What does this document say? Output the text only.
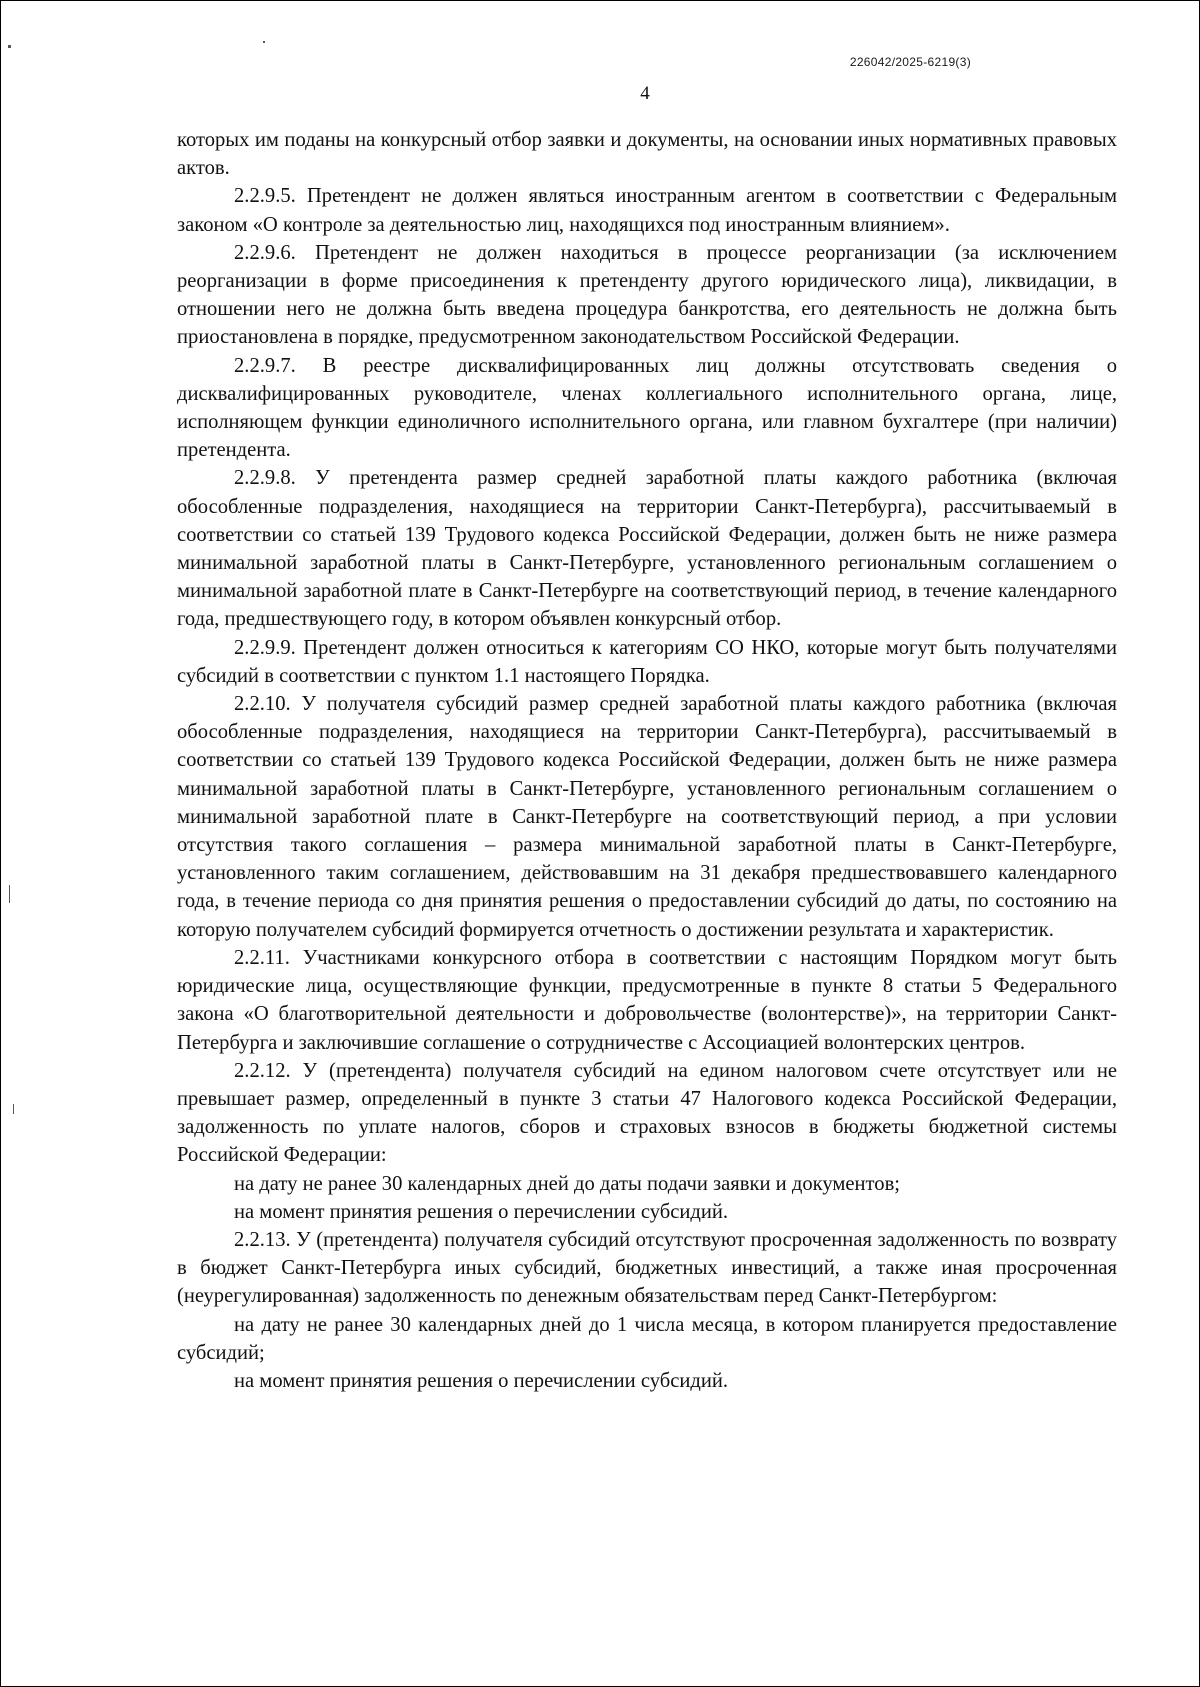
226042/2025-6219(3)
4

которых им поданы на конкурсный отбор заявки и документы, на основании иных нормативных правовых актов.

2.2.9.5. Претендент не должен являться иностранным агентом в соответствии с Федеральным законом «О контроле за деятельностью лиц, находящихся под иностранным влиянием».

2.2.9.6. Претендент не должен находиться в процессе реорганизации (за исключением реорганизации в форме присоединения к претенденту другого юридического лица), ликвидации, в отношении него не должна быть введена процедура банкротства, его деятельность не должна быть приостановлена в порядке, предусмотренном законодательством Российской Федерации.

2.2.9.7. В реестре дисквалифицированных лиц должны отсутствовать сведения о дисквалифицированных руководителе, членах коллегиального исполнительного органа, лице, исполняющем функции единоличного исполнительного органа, или главном бухгалтере (при наличии) претендента.

2.2.9.8. У претендента размер средней заработной платы каждого работника (включая обособленные подразделения, находящиеся на территории Санкт-Петербурга), рассчитываемый в соответствии со статьей 139 Трудового кодекса Российской Федерации, должен быть не ниже размера минимальной заработной платы в Санкт-Петербурге, установленного региональным соглашением о минимальной заработной плате в Санкт-Петербурге на соответствующий период, в течение календарного года, предшествующего году, в котором объявлен конкурсный отбор.

2.2.9.9. Претендент должен относиться к категориям СО НКО, которые могут быть получателями субсидий в соответствии с пунктом 1.1 настоящего Порядка.

2.2.10. У получателя субсидий размер средней заработной платы каждого работника (включая обособленные подразделения, находящиеся на территории Санкт-Петербурга), рассчитываемый в соответствии со статьей 139 Трудового кодекса Российской Федерации, должен быть не ниже размера минимальной заработной платы в Санкт-Петербурге, установленного региональным соглашением о минимальной заработной плате в Санкт-Петербурге на соответствующий период, а при условии отсутствия такого соглашения – размера минимальной заработной платы в Санкт-Петербурге, установленного таким соглашением, действовавшим на 31 декабря предшествовавшего календарного года, в течение периода со дня принятия решения о предоставлении субсидий до даты, по состоянию на которую получателем субсидий формируется отчетность о достижении результата и характеристик.

2.2.11. Участниками конкурсного отбора в соответствии с настоящим Порядком могут быть юридические лица, осуществляющие функции, предусмотренные в пункте 8 статьи 5 Федерального закона «О благотворительной деятельности и добровольчестве (волонтерстве)», на территории Санкт-Петербурга и заключившие соглашение о сотрудничестве с Ассоциацией волонтерских центров.

2.2.12. У (претендента) получателя субсидий на едином налоговом счете отсутствует или не превышает размер, определенный в пункте 3 статьи 47 Налогового кодекса Российской Федерации, задолженность по уплате налогов, сборов и страховых взносов в бюджеты бюджетной системы Российской Федерации:

на дату не ранее 30 календарных дней до даты подачи заявки и документов;

на момент принятия решения о перечислении субсидий.

2.2.13. У (претендента) получателя субсидий отсутствуют просроченная задолженность по возврату в бюджет Санкт-Петербурга иных субсидий, бюджетных инвестиций, а также иная просроченная (неурегулированная) задолженность по денежным обязательствам перед Санкт-Петербургом:

на дату не ранее 30 календарных дней до 1 числа месяца, в котором планируется предоставление субсидий;

на момент принятия решения о перечислении субсидий.
